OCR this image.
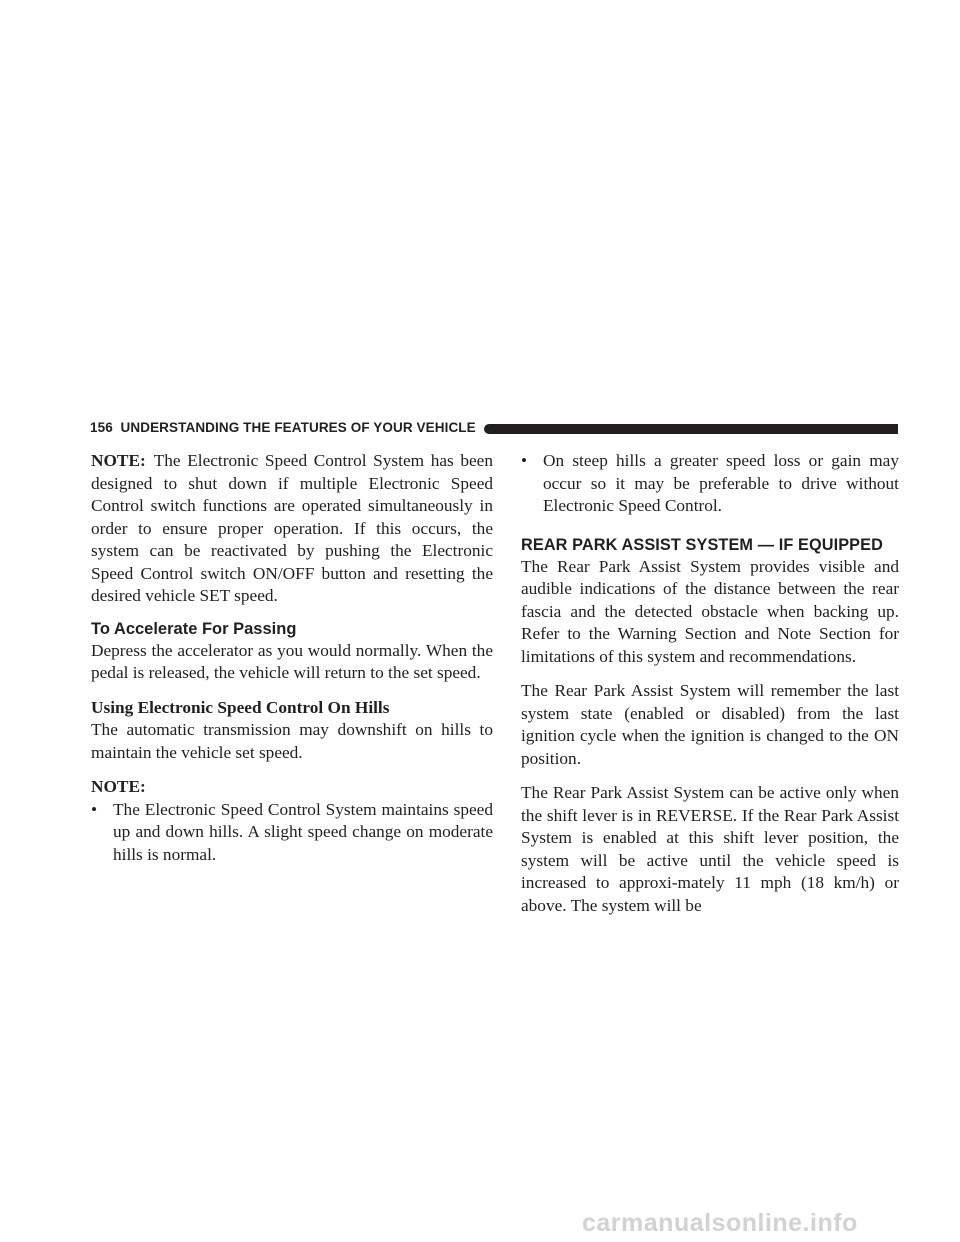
156 UNDERSTANDING THE FEATURES OF YOUR VEHICLE

NOTE: The Electronic Speed Control System has been designed to shut down if multiple Electronic Speed Control switch functions are operated simultaneously in order to ensure proper operation. If this occurs, the system can be reactivated by pushing the Electronic Speed Control switch ON/OFF button and resetting the desired vehicle SET speed.

To Accelerate For Passing

Depress the accelerator as you would normally. When the pedal is released, the vehicle will return to the set speed.

Using Electronic Speed Control On Hills

The automatic transmission may downshift on hills to maintain the vehicle set speed.

NOTE:
• The Electronic Speed Control System maintains speed up and down hills. A slight speed change on moderate hills is normal.

• On steep hills a greater speed loss or gain may occur so it may be preferable to drive without Electronic Speed Control.

REAR PARK ASSIST SYSTEM — IF EQUIPPED

The Rear Park Assist System provides visible and audible indications of the distance between the rear fascia and the detected obstacle when backing up. Refer to the Warning Section and Note Section for limitations of this system and recommendations.

The Rear Park Assist System will remember the last system state (enabled or disabled) from the last ignition cycle when the ignition is changed to the ON position.

The Rear Park Assist System can be active only when the shift lever is in REVERSE. If the Rear Park Assist System is enabled at this shift lever position, the system will be active until the vehicle speed is increased to approxi-mately 11 mph (18 km/h) or above. The system will be

carmanualsonline.info
